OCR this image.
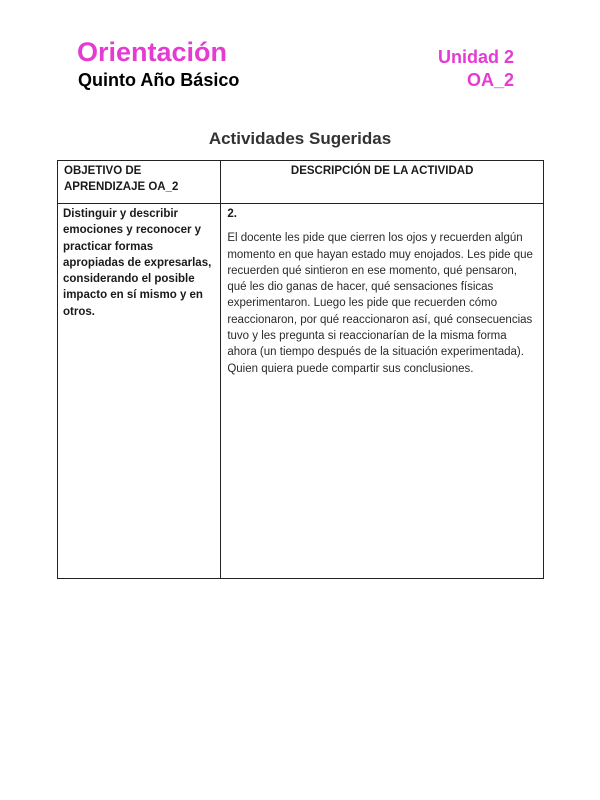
Orientación
Quinto Año Básico
Unidad 2
OA_2
Actividades Sugeridas
OBJETIVO DE APRENDIZAJE OA_2	DESCRIPCIÓN DE LA ACTIVIDAD
Distinguir y describir emociones y reconocer y practicar formas apropiadas de expresarlas, considerando el posible impacto en sí mismo y en otros.	2.
El docente les pide que cierren los ojos y recuerden algún momento en que hayan estado muy enojados. Les pide que recuerden qué sintieron en ese momento, qué pensaron, qué les dio ganas de hacer, qué sensaciones físicas experimentaron. Luego les pide que recuerden cómo reaccionaron, por qué reaccionaron así, qué consecuencias tuvo y les pregunta si reaccionarían de la misma forma ahora (un tiempo después de la situación experimentada). Quien quiera puede compartir sus conclusiones.
